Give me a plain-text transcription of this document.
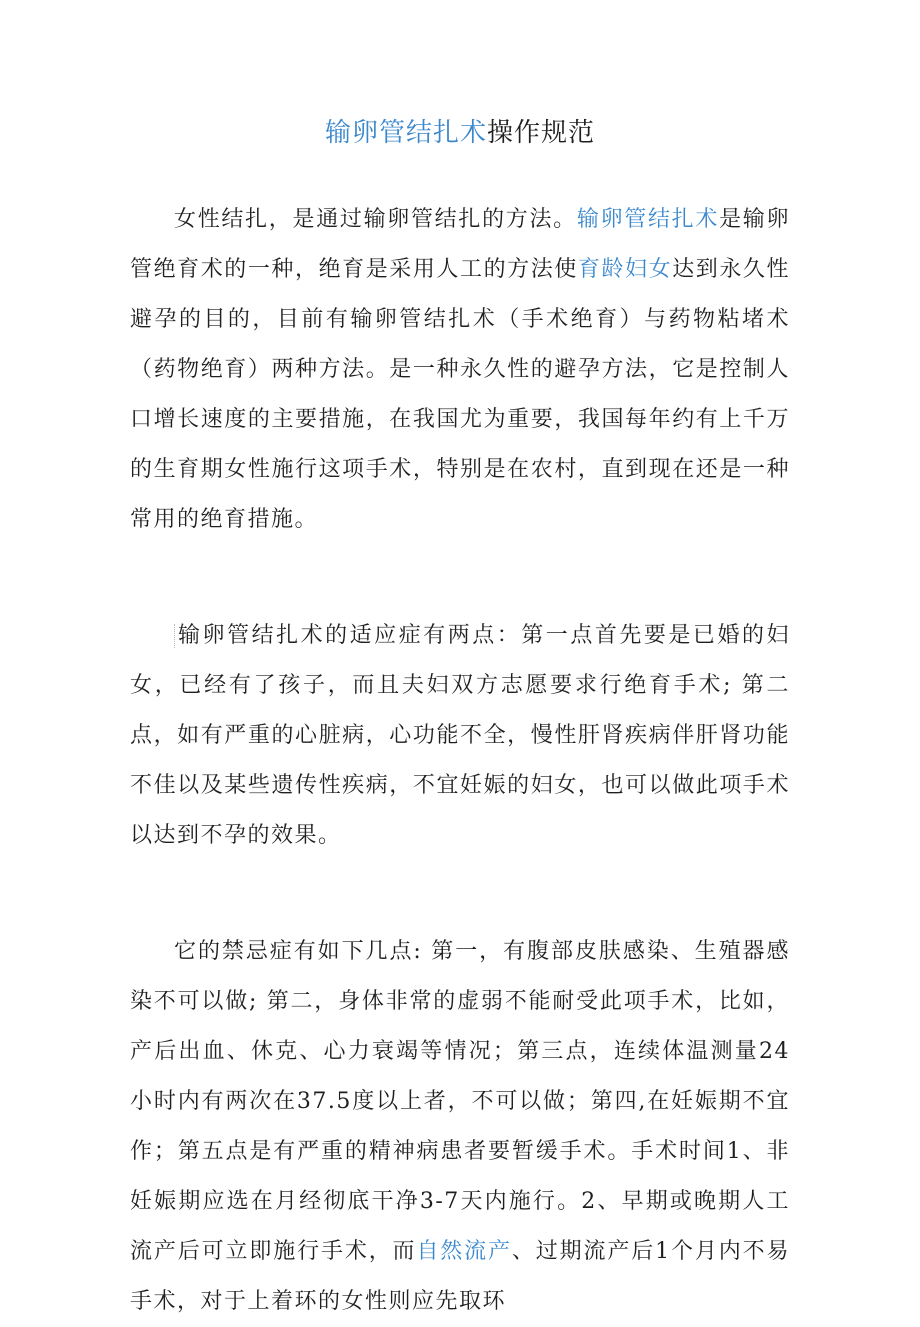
输卵管结扎术操作规范

女性结扎，是通过输卵管结扎的方法。输卵管结扎术是输卵管绝育术的一种，绝育是采用人工的方法使育龄妇女达到永久性避孕的目的，目前有输卵管结扎术（手术绝育）与药物粘堵术（药物绝育）两种方法。是一种永久性的避孕方法，它是控制人口增长速度的主要措施，在我国尤为重要，我国每年约有上千万的生育期女性施行这项手术，特别是在农村，直到现在还是一种常用的绝育措施。

输卵管结扎术的适应症有两点：第一点首先要是已婚的妇女，已经有了孩子，而且夫妇双方志愿要求行绝育手术; 第二点，如有严重的心脏病，心功能不全，慢性肝肾疾病伴肝肾功能不佳以及某些遗传性疾病，不宜妊娠的妇女，也可以做此项手术以达到不孕的效果。

它的禁忌症有如下几点: 第一，有腹部皮肤感染、生殖器感染不可以做; 第二，身体非常的虚弱不能耐受此项手术，比如，产后出血、休克、心力衰竭等情况；第三点，连续体温测量24小时内有两次在37.5度以上者，不可以做；第四,在妊娠期不宜作；第五点是有严重的精神病患者要暂缓手术。手术时间1、非妊娠期应选在月经彻底干净3-7天内施行。2、早期或晚期人工流产后可立即施行手术，而自然流产、过期流产后1个月内不易手术，对于上着环的女性则应先取环
